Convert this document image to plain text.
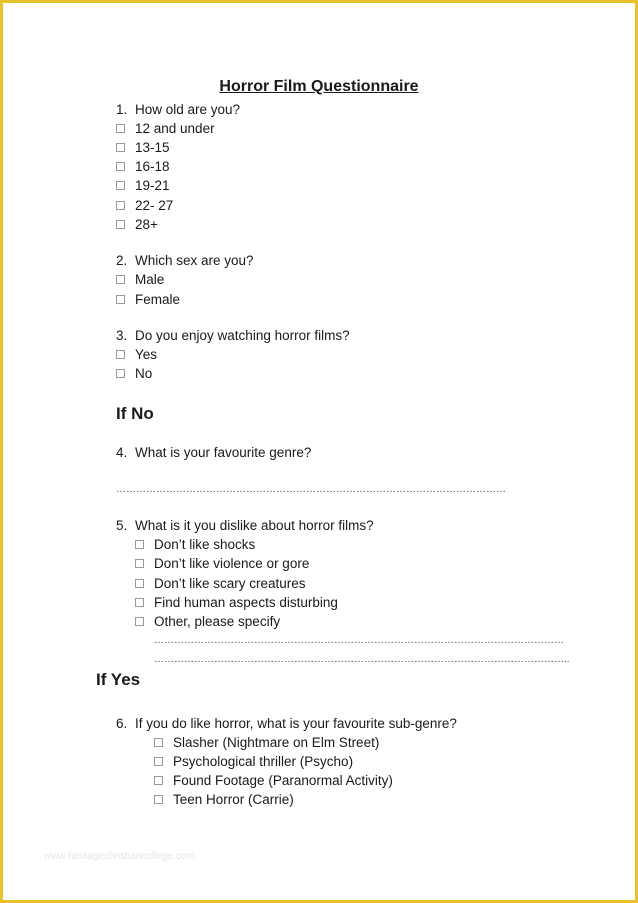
Horror Film Questionnaire
1. How old are you?
12 and under
13-15
16-18
19-21
22- 27
28+
2. Which sex are you?
Male
Female
3. Do you enjoy watching horror films?
Yes
No
If No
4. What is your favourite genre?
………………………………………………………………………………………………………
5. What is it you dislike about horror films?
Don’t like shocks
Don’t like violence or gore
Don’t like scary creatures
Find human aspects disturbing
Other, please specify
……………………………………………………………………………………………………………
……………………………………………………………………………………………………………..
If Yes
6. If you do like horror, what is your favourite sub-genre?
Slasher (Nightmare on Elm Street)
Psychological thriller (Psycho)
Found Footage (Paranormal Activity)
Teen Horror (Carrie)
www.heritagechristiancollege.com
